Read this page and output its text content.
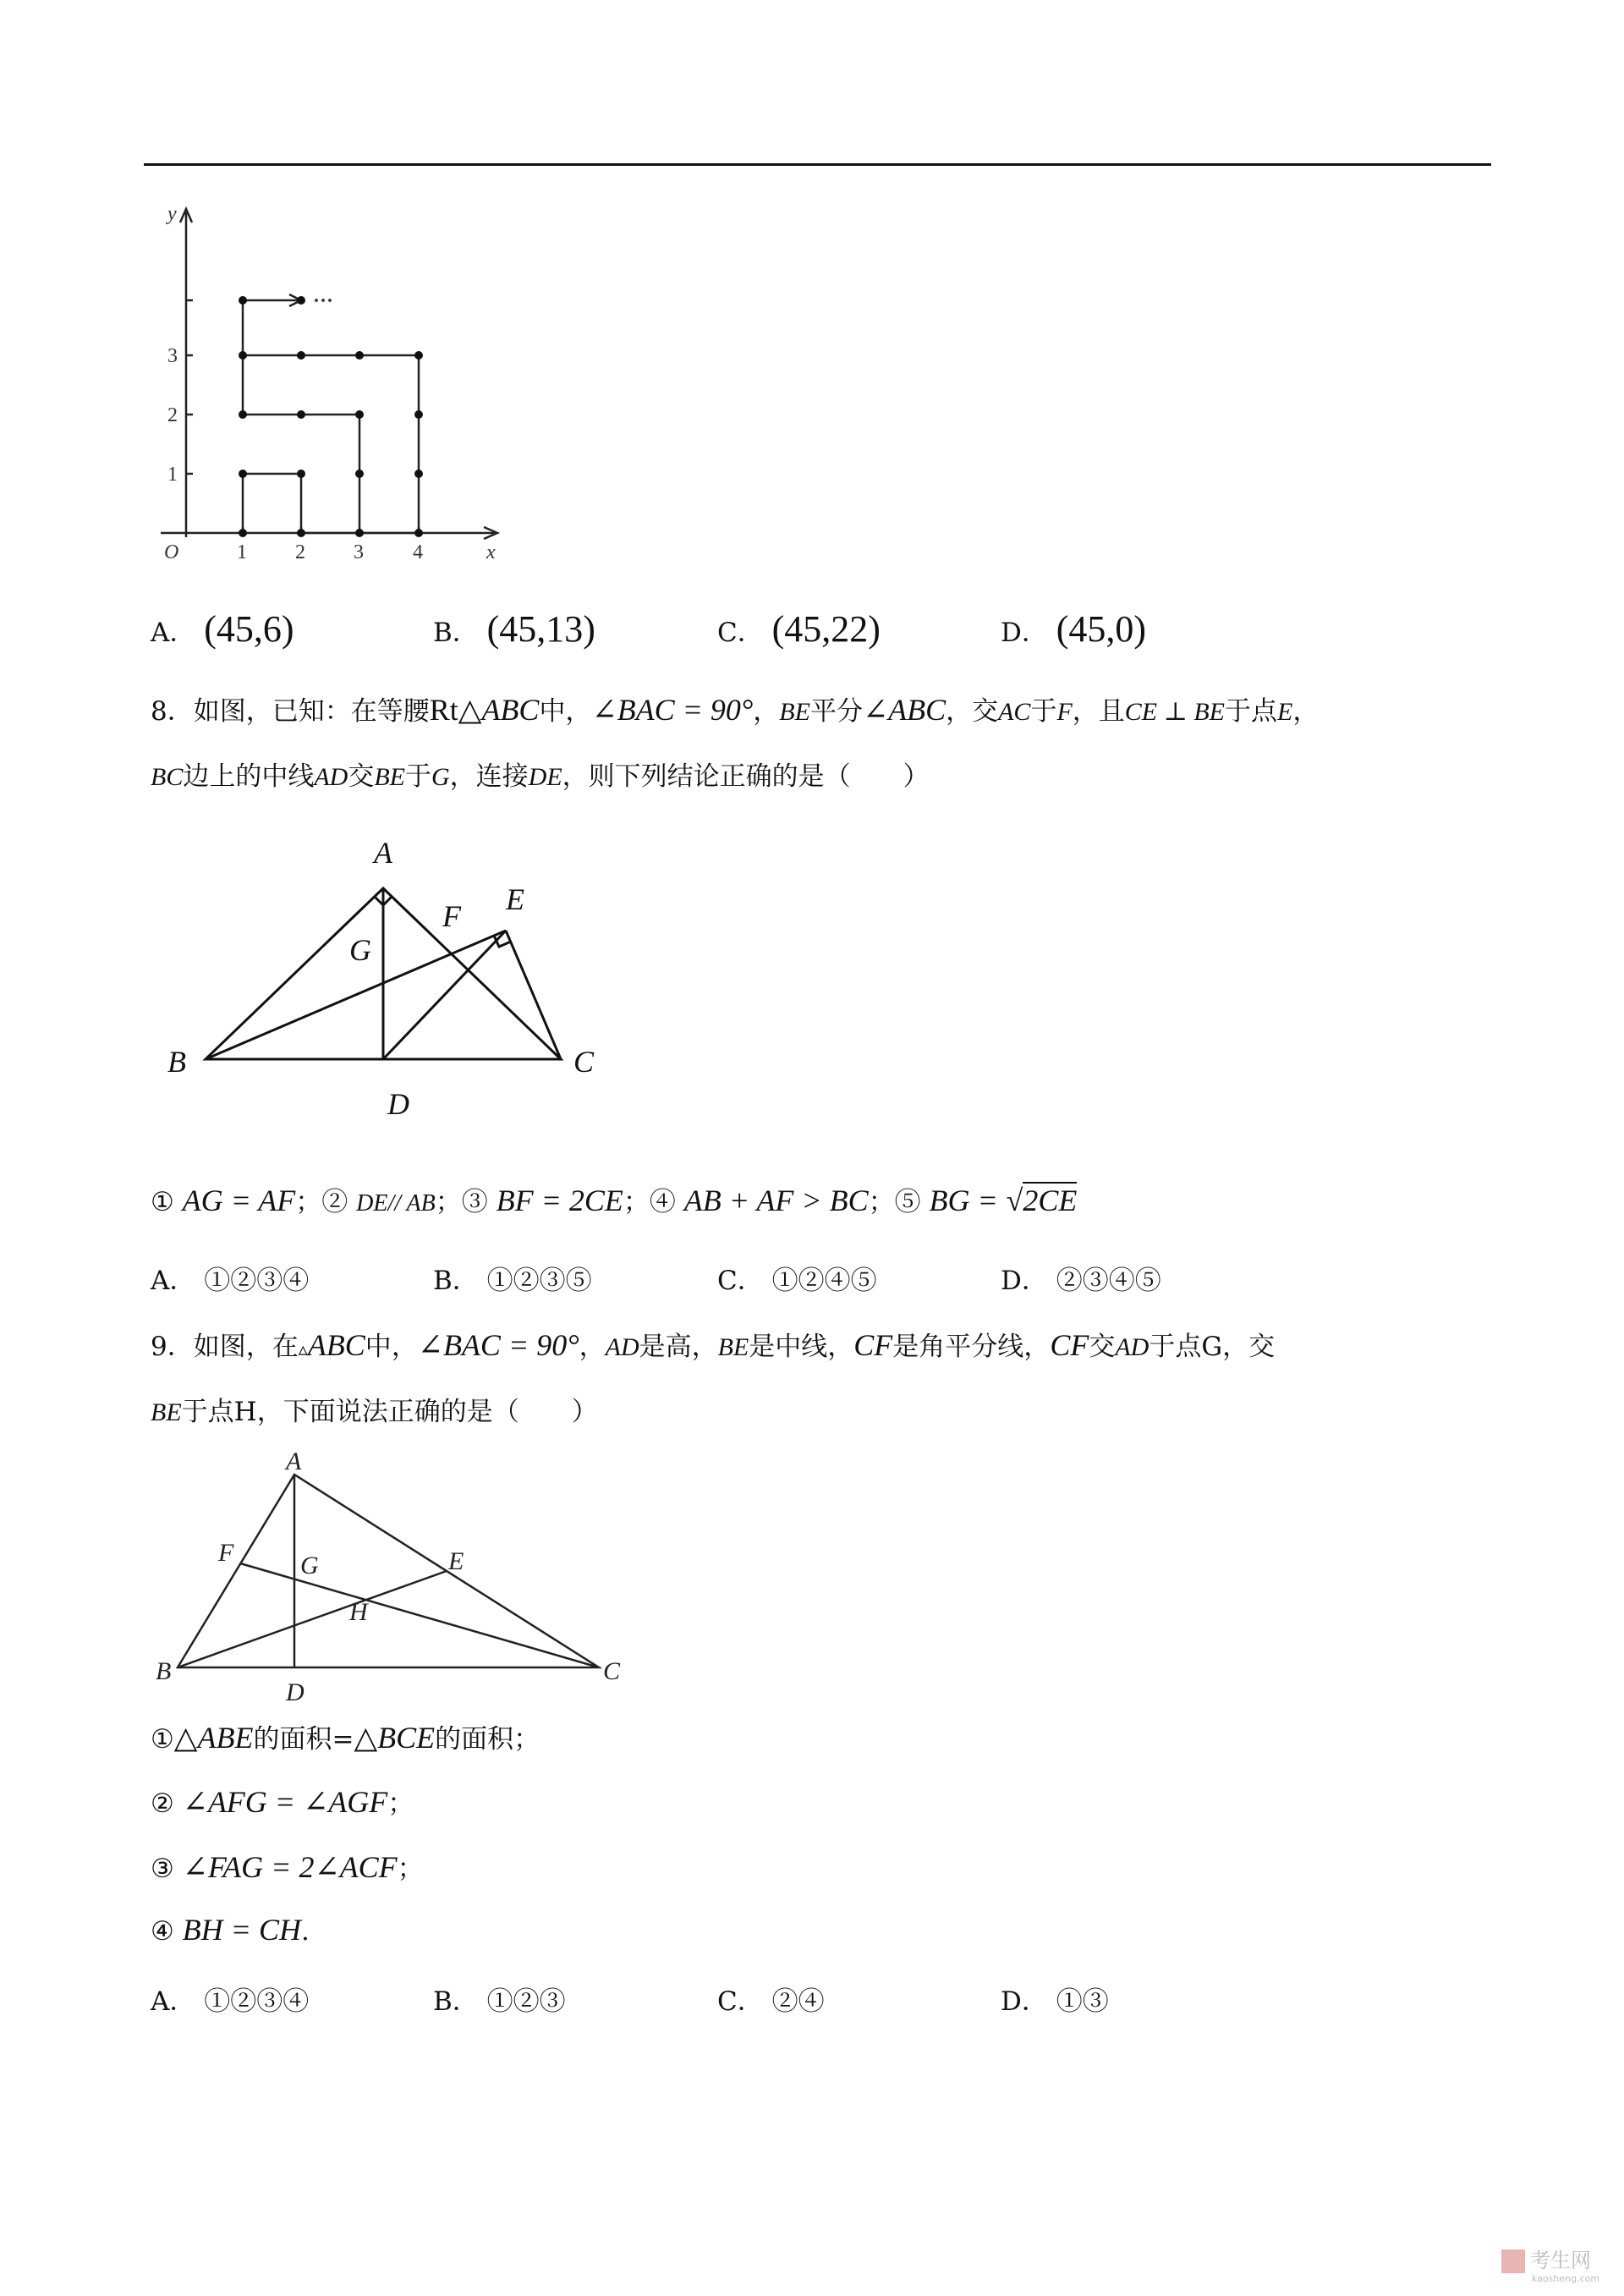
y
x
O	1 2 3 4
1
2
3
···
A． (45,6)	B． (45,13)	C． (45,22)	D． (45,0)
8．如图，已知：在等腰Rt△ABC中，∠BAC = 90°，BE平分∠ABC，交AC于F，且CE ⊥ BE于点E，
BC边上的中线AD交BE于G，连接DE，则下列结论正确的是（　　）
A
B	C
D
E
F
G
① AG = AF；② DE// AB；③ BF = 2CE；④ AB + AF > BC；⑤ BG = √2CE
A． ①②③④	B． ①②③⑤	C． ①②④⑤	D． ②③④⑤
9．如图，在▵ABC中，∠BAC = 90°，AD是高，BE是中线，CF是角平分线，CF交AD于点G，交
BE于点H，下面说法正确的是（　　）
A
B	C
D
E
F	G
H
①△ABE的面积=△BCE的面积；
② ∠AFG = ∠AGF；
③ ∠FAG = 2∠ACF；
④ BH = CH.
A． ①②③④	B． ①②③	C． ②④	D． ①③
考生网
kaosheng.com
